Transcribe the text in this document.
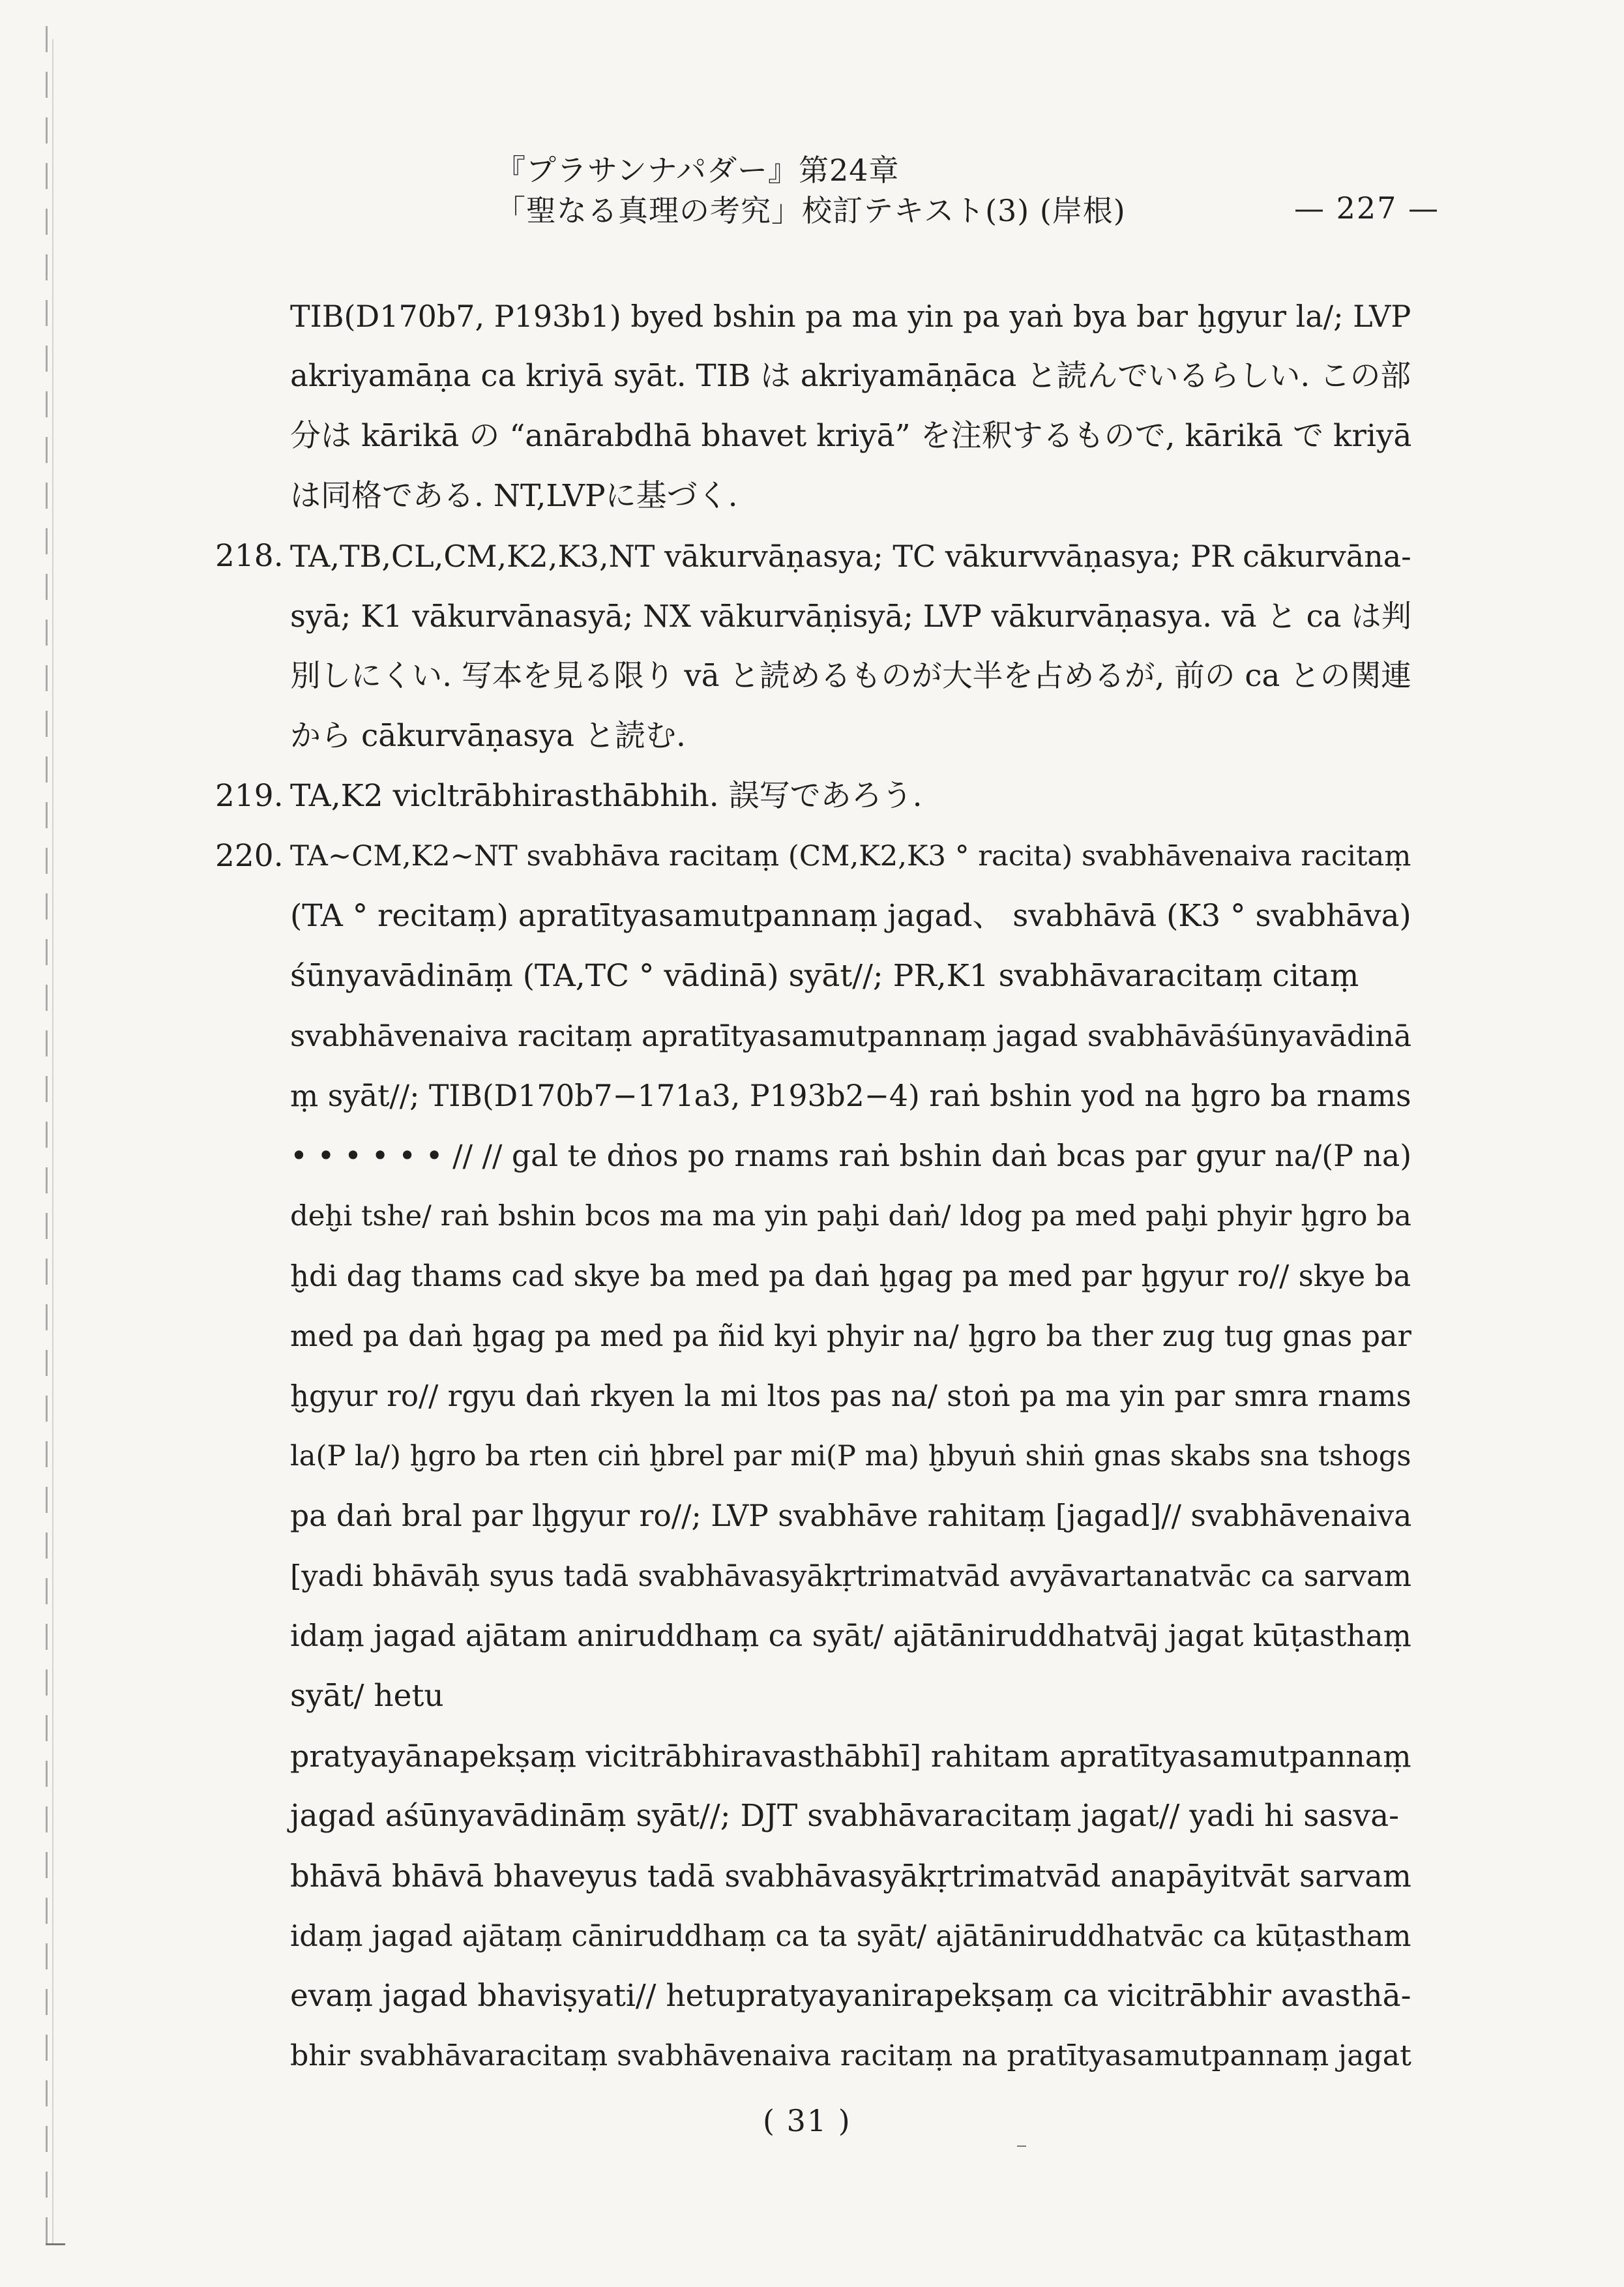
『プラサンナパダー』第24章
「聖なる真理の考究」校訂テキスト(3) (岸根)	— 227 —
TIB(D170b7, P193b1) byed bshin pa ma yin pa yaṅ bya bar ḫgyur la/; LVP
akriyamāṇa ca kriyā syāt. TIB は akriyamāṇāca と読んでいるらしい. この部
分は kārikā の “anārabdhā bhavet kriyā” を注釈するもので, kārikā で kriyā
は同格である. NT,LVPに基づく.
218. TA,TB,CL,CM,K2,K3,NT vākurvāṇasya; TC vākurvvāṇasya; PR cākurvāna-
syā; K1 vākurvānasyā; NX vākurvāṇisyā; LVP vākurvāṇasya. vā と ca は判
別しにくい. 写本を見る限り vā と読めるものが大半を占めるが, 前の ca との関連
から cākurvāṇasya と読む.
219. TA,K2 vicltrābhirasthābhih. 誤写であろう.
220. TA∼CM,K2∼NT svabhāva racitaṃ (CM,K2,K3 ° racita) svabhāvenaiva racitaṃ
(TA ° recitaṃ) apratītyasamutpannaṃ jagad、 svabhāvā (K3 ° svabhāva)
śūnyavādināṃ (TA,TC ° vādinā) syāt//; PR,K1 svabhāvaracitaṃ citaṃ
svabhāvenaiva racitaṃ apratītyasamutpannaṃ jagad svabhāvāśūnyavādinā
ṃ syāt//; TIB(D170b7−171a3, P193b2−4) raṅ bshin yod na ḫgro ba rnams
• • • • • • // // gal te dṅos po rnams raṅ bshin daṅ bcas par gyur na/(P na)
deḫi tshe/ raṅ bshin bcos ma ma yin paḫi daṅ/ ldog pa med paḫi phyir ḫgro ba
ḫdi dag thams cad skye ba med pa daṅ ḫgag pa med par ḫgyur ro// skye ba
med pa daṅ ḫgag pa med pa ñid kyi phyir na/ ḫgro ba ther zug tug gnas par
ḫgyur ro// rgyu daṅ rkyen la mi ltos pas na/ stoṅ pa ma yin par smra rnams
la(P la/) ḫgro ba rten ciṅ ḫbrel par mi(P ma) ḫbyuṅ shiṅ gnas skabs sna tshogs
pa daṅ bral par lḫgyur ro//; LVP svabhāve rahitaṃ [jagad]// svabhāvenaiva
[yadi bhāvāḥ syus tadā svabhāvasyākṛtrimatvād avyāvartanatvāc ca sarvam
idaṃ jagad ajātam aniruddhaṃ ca syāt/ ajātāniruddhatvāj jagat kūṭasthaṃ
syāt/ hetu
pratyayānapekṣaṃ vicitrābhiravasthābhī] rahitam apratītyasamutpannaṃ
jagad aśūnyavādināṃ syāt//; DJT svabhāvaracitaṃ jagat// yadi hi sasva-
bhāvā bhāvā bhaveyus tadā svabhāvasyākṛtrimatvād anapāyitvāt sarvam
idaṃ jagad ajātaṃ cāniruddhaṃ ca ta syāt/ ajātāniruddhatvāc ca kūṭastham
evaṃ jagad bhaviṣyati// hetupratyayanirapekṣaṃ ca vicitrābhir avasthā-
bhir svabhāvaracitaṃ svabhāvenaiva racitaṃ na pratītyasamutpannaṃ jagat
( 31 )
